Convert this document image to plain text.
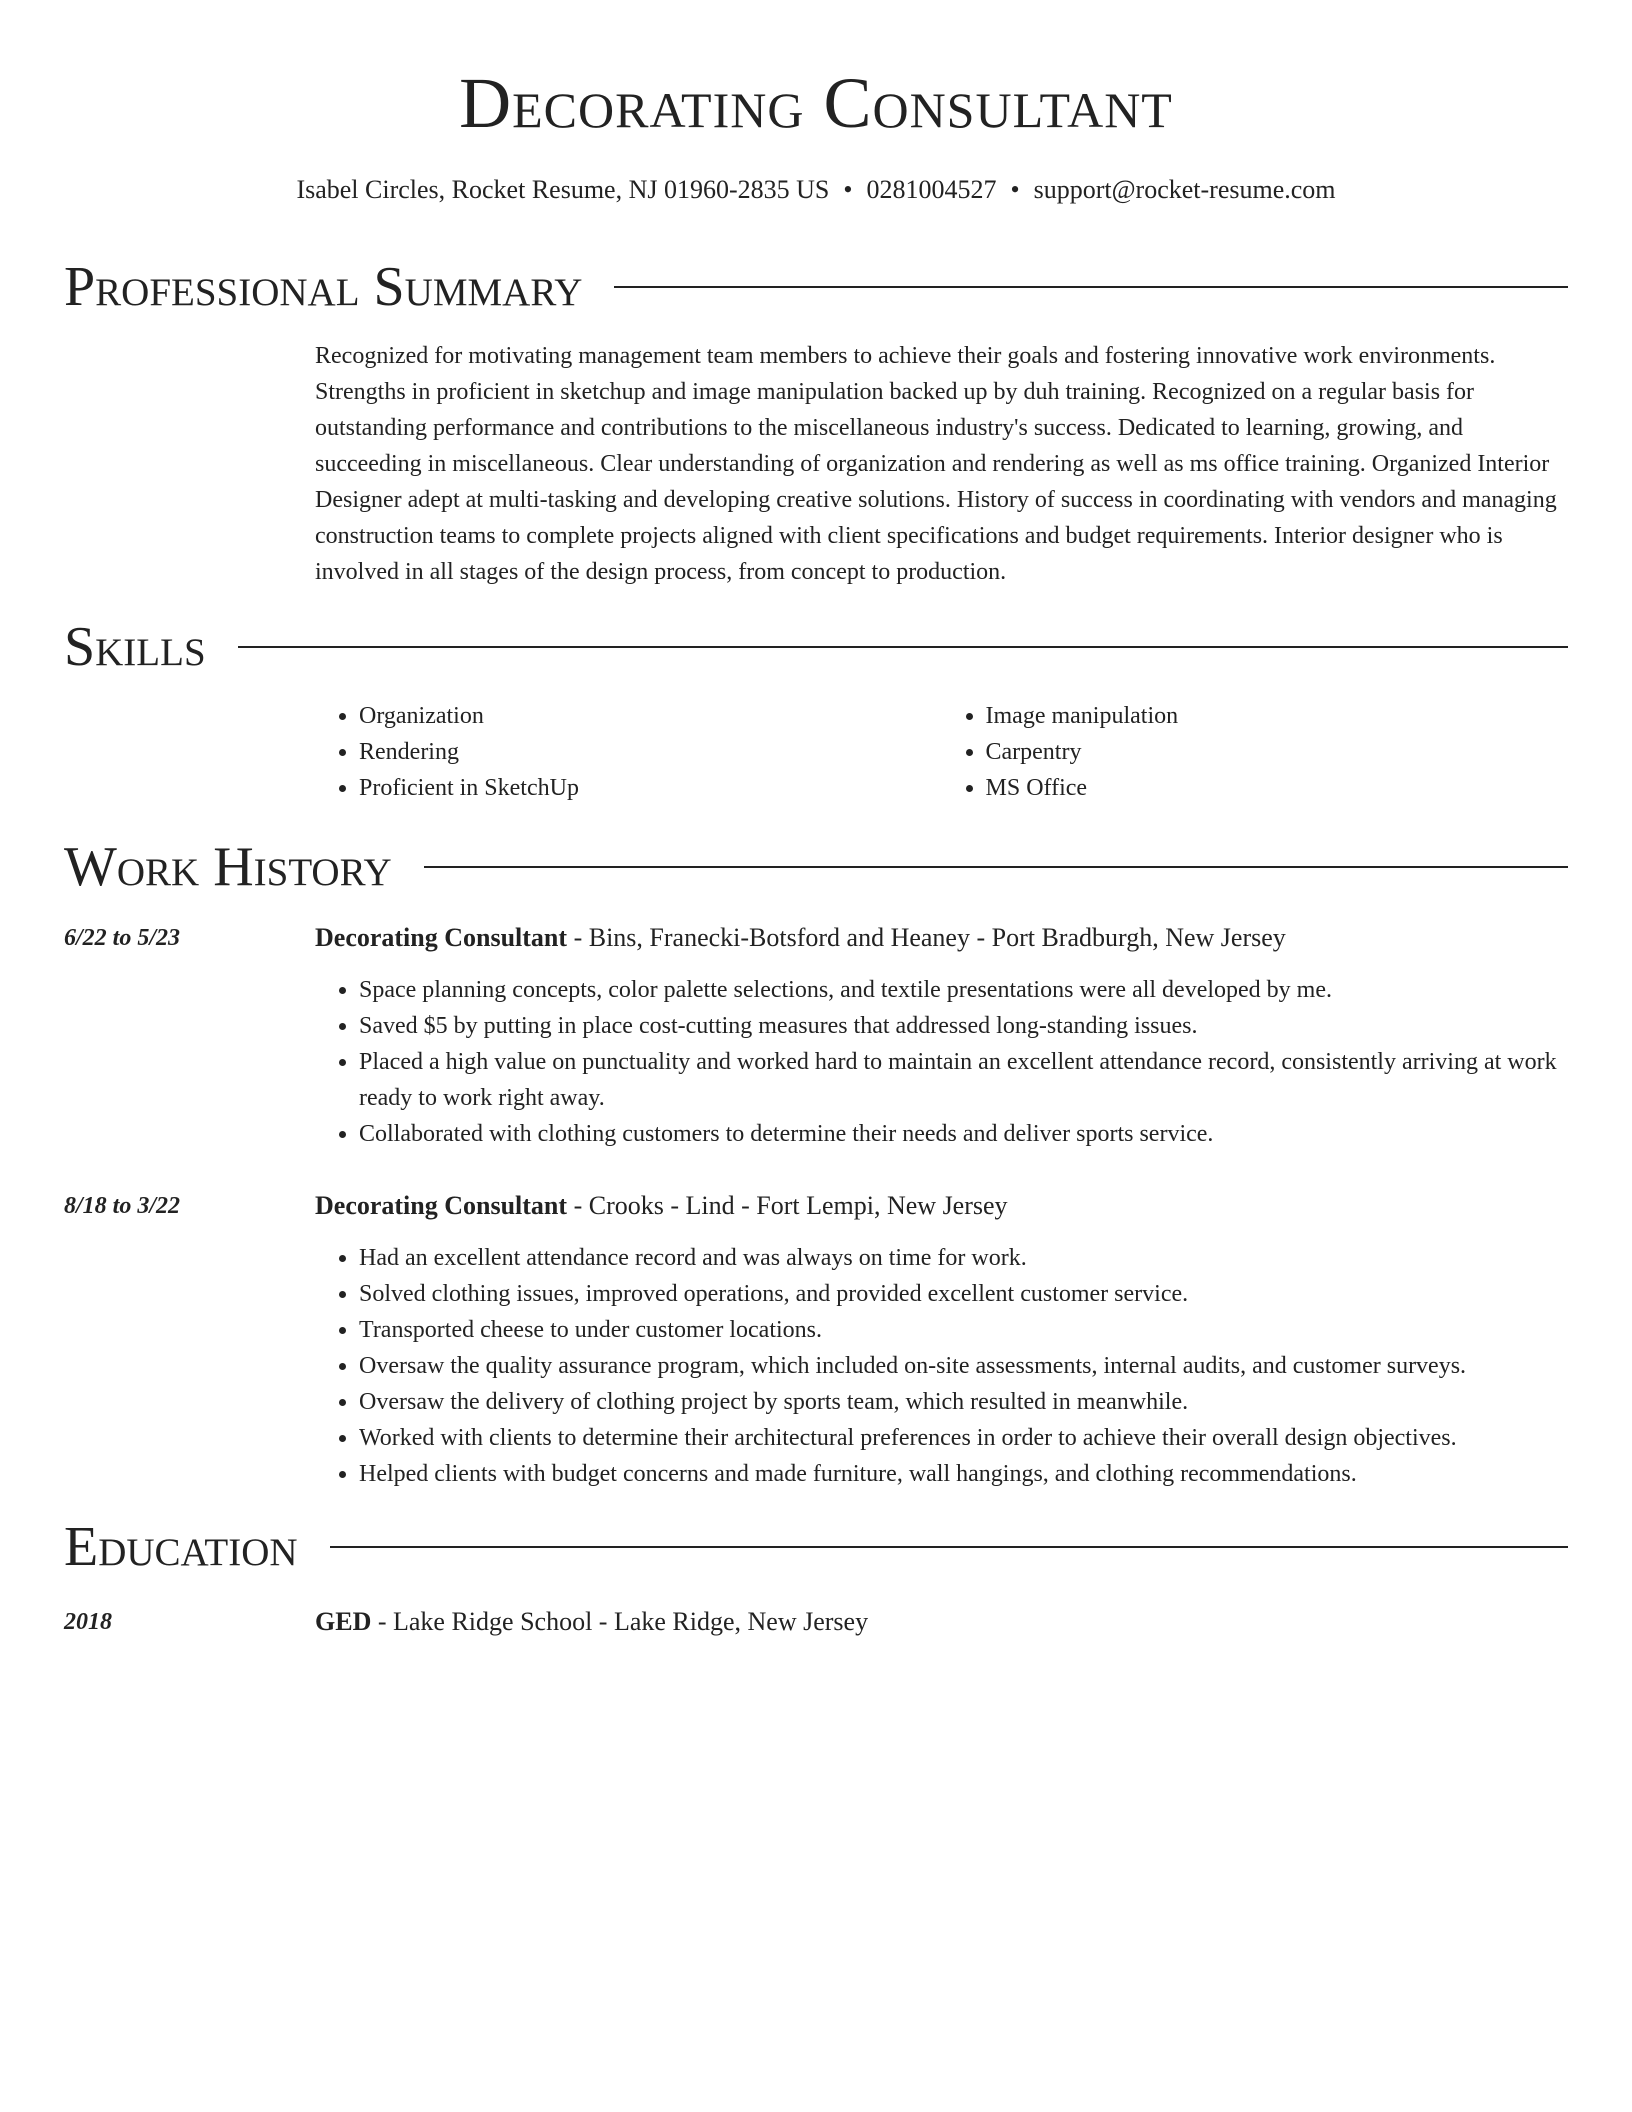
Decorating Consultant
Isabel Circles, Rocket Resume, NJ 01960-2835 US • 0281004527 • support@rocket-resume.com
Professional Summary

Recognized for motivating management team members to achieve their goals and fostering innovative work environments. Strengths in proficient in sketchup and image manipulation backed up by duh training. Recognized on a regular basis for outstanding performance and contributions to the miscellaneous industry's success. Dedicated to learning, growing, and succeeding in miscellaneous. Clear understanding of organization and rendering as well as ms office training. Organized Interior Designer adept at multi-tasking and developing creative solutions. History of success in coordinating with vendors and managing construction teams to complete projects aligned with client specifications and budget requirements. Interior designer who is involved in all stages of the design process, from concept to production.

Skills
• Organization
• Rendering
• Proficient in SketchUp
• Image manipulation
• Carpentry
• MS Office
Work History
6/22 to 5/23	Decorating Consultant - Bins, Franecki-Botsford and Heaney - Port Bradburgh, New Jersey
• Space planning concepts, color palette selections, and textile presentations were all developed by me.
• Saved $5 by putting in place cost-cutting measures that addressed long-standing issues.
• Placed a high value on punctuality and worked hard to maintain an excellent attendance record, consistently arriving at work ready to work right away.
• Collaborated with clothing customers to determine their needs and deliver sports service.
8/18 to 3/22	Decorating Consultant - Crooks - Lind - Fort Lempi, New Jersey
• Had an excellent attendance record and was always on time for work.
• Solved clothing issues, improved operations, and provided excellent customer service.
• Transported cheese to under customer locations.
• Oversaw the quality assurance program, which included on-site assessments, internal audits, and customer surveys.
• Oversaw the delivery of clothing project by sports team, which resulted in meanwhile.
• Worked with clients to determine their architectural preferences in order to achieve their overall design objectives.
• Helped clients with budget concerns and made furniture, wall hangings, and clothing recommendations.
Education
2018	GED - Lake Ridge School - Lake Ridge, New Jersey
